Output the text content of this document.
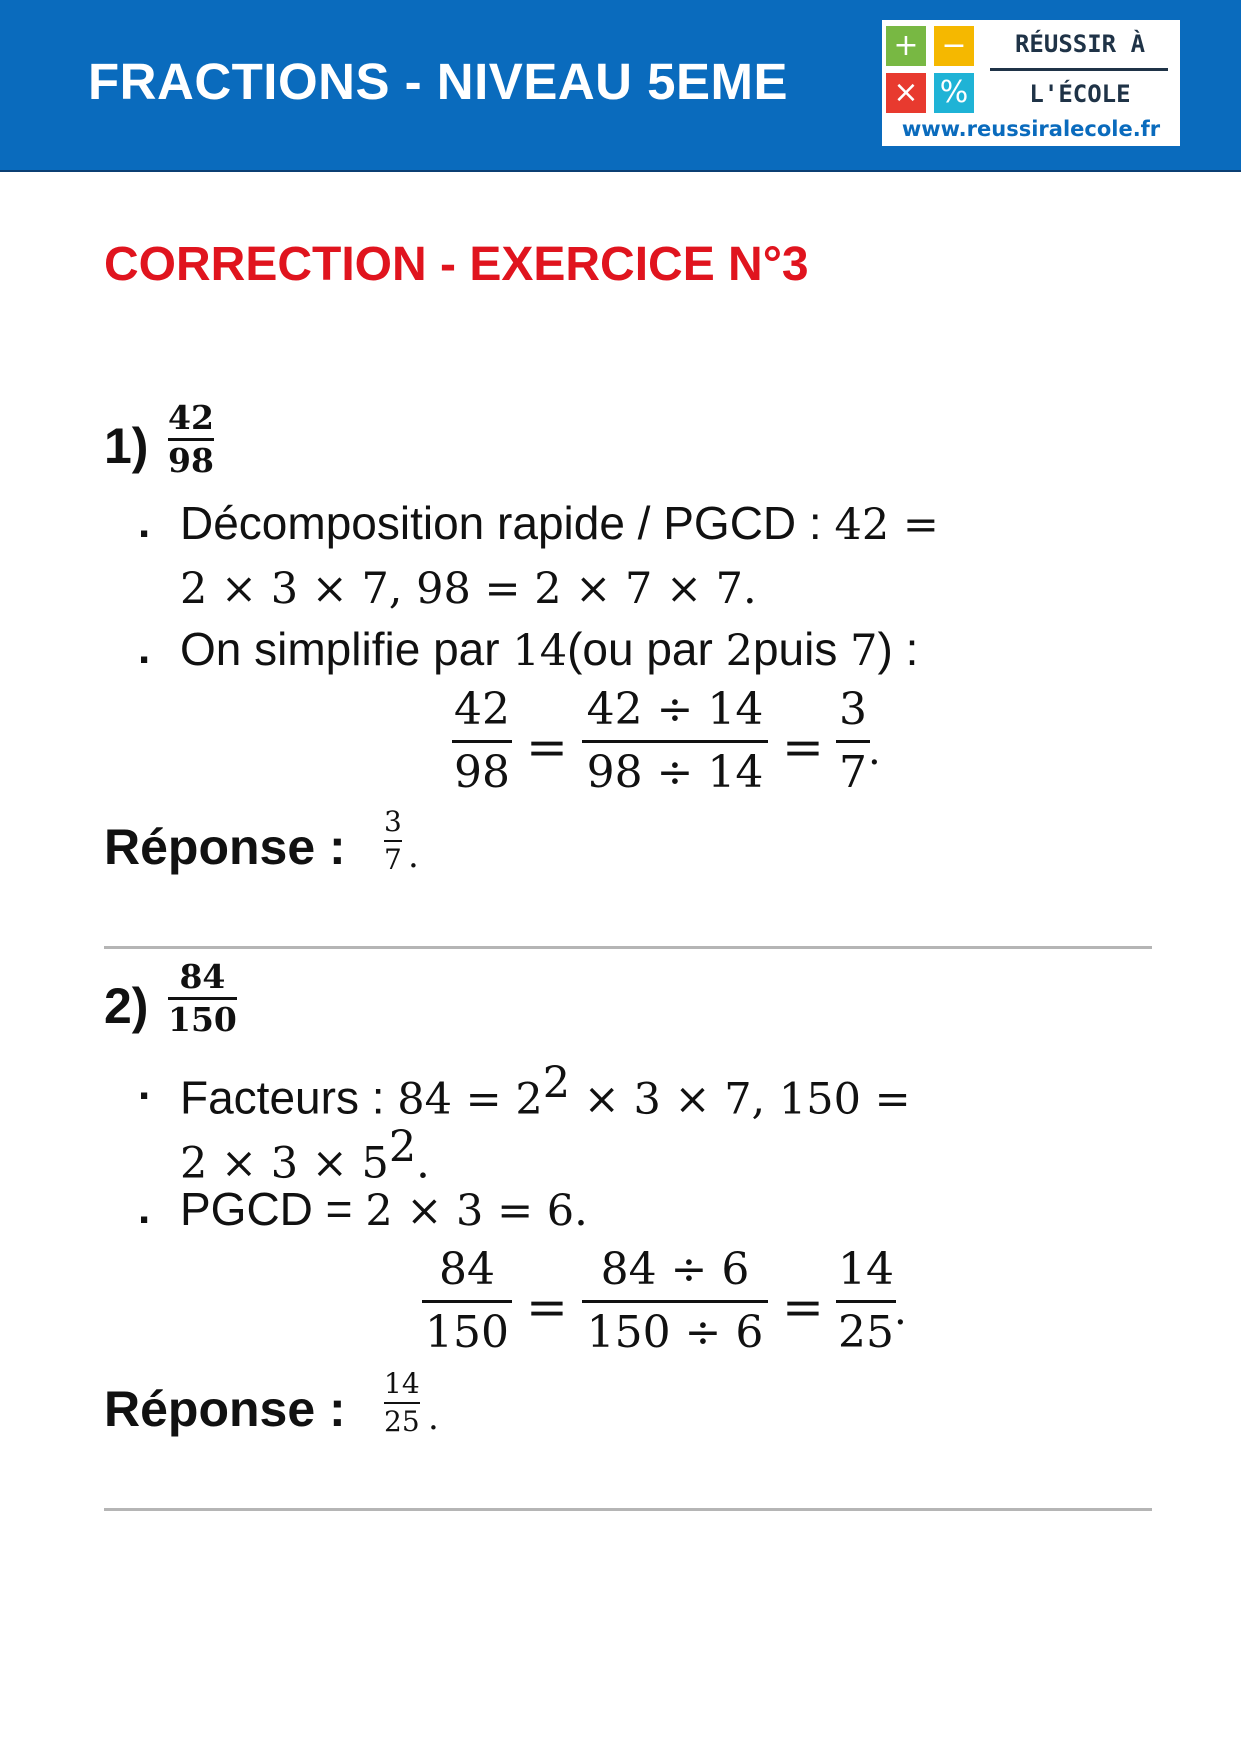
FRACTIONS - NIVEAU 5EME
+ −
× %
RÉUSSIR À
L'ÉCOLE
www.reussiralecole.fr
CORRECTION - EXERCICE N°3
1)
42
98
. Décomposition rapide / PGCD : 42 =
2 × 3 × 7, 98 = 2 × 7 × 7.
. On simplifie par 14(ou par 2puis 7) :
42
98 =
42 ÷ 14
98 ÷ 14 =
3
7 .
Réponse : 3
7 .
2)
84
150
. Facteurs : $84 = 2^2 \times 3 \times 7$, 150 =
$2 \times 3 \times 5^2$.
. PGCD = 2 × 3 = 6.
84
150 =
84 ÷ 6
150 ÷ 6 =
14
25 .
Réponse : 14
25 .
